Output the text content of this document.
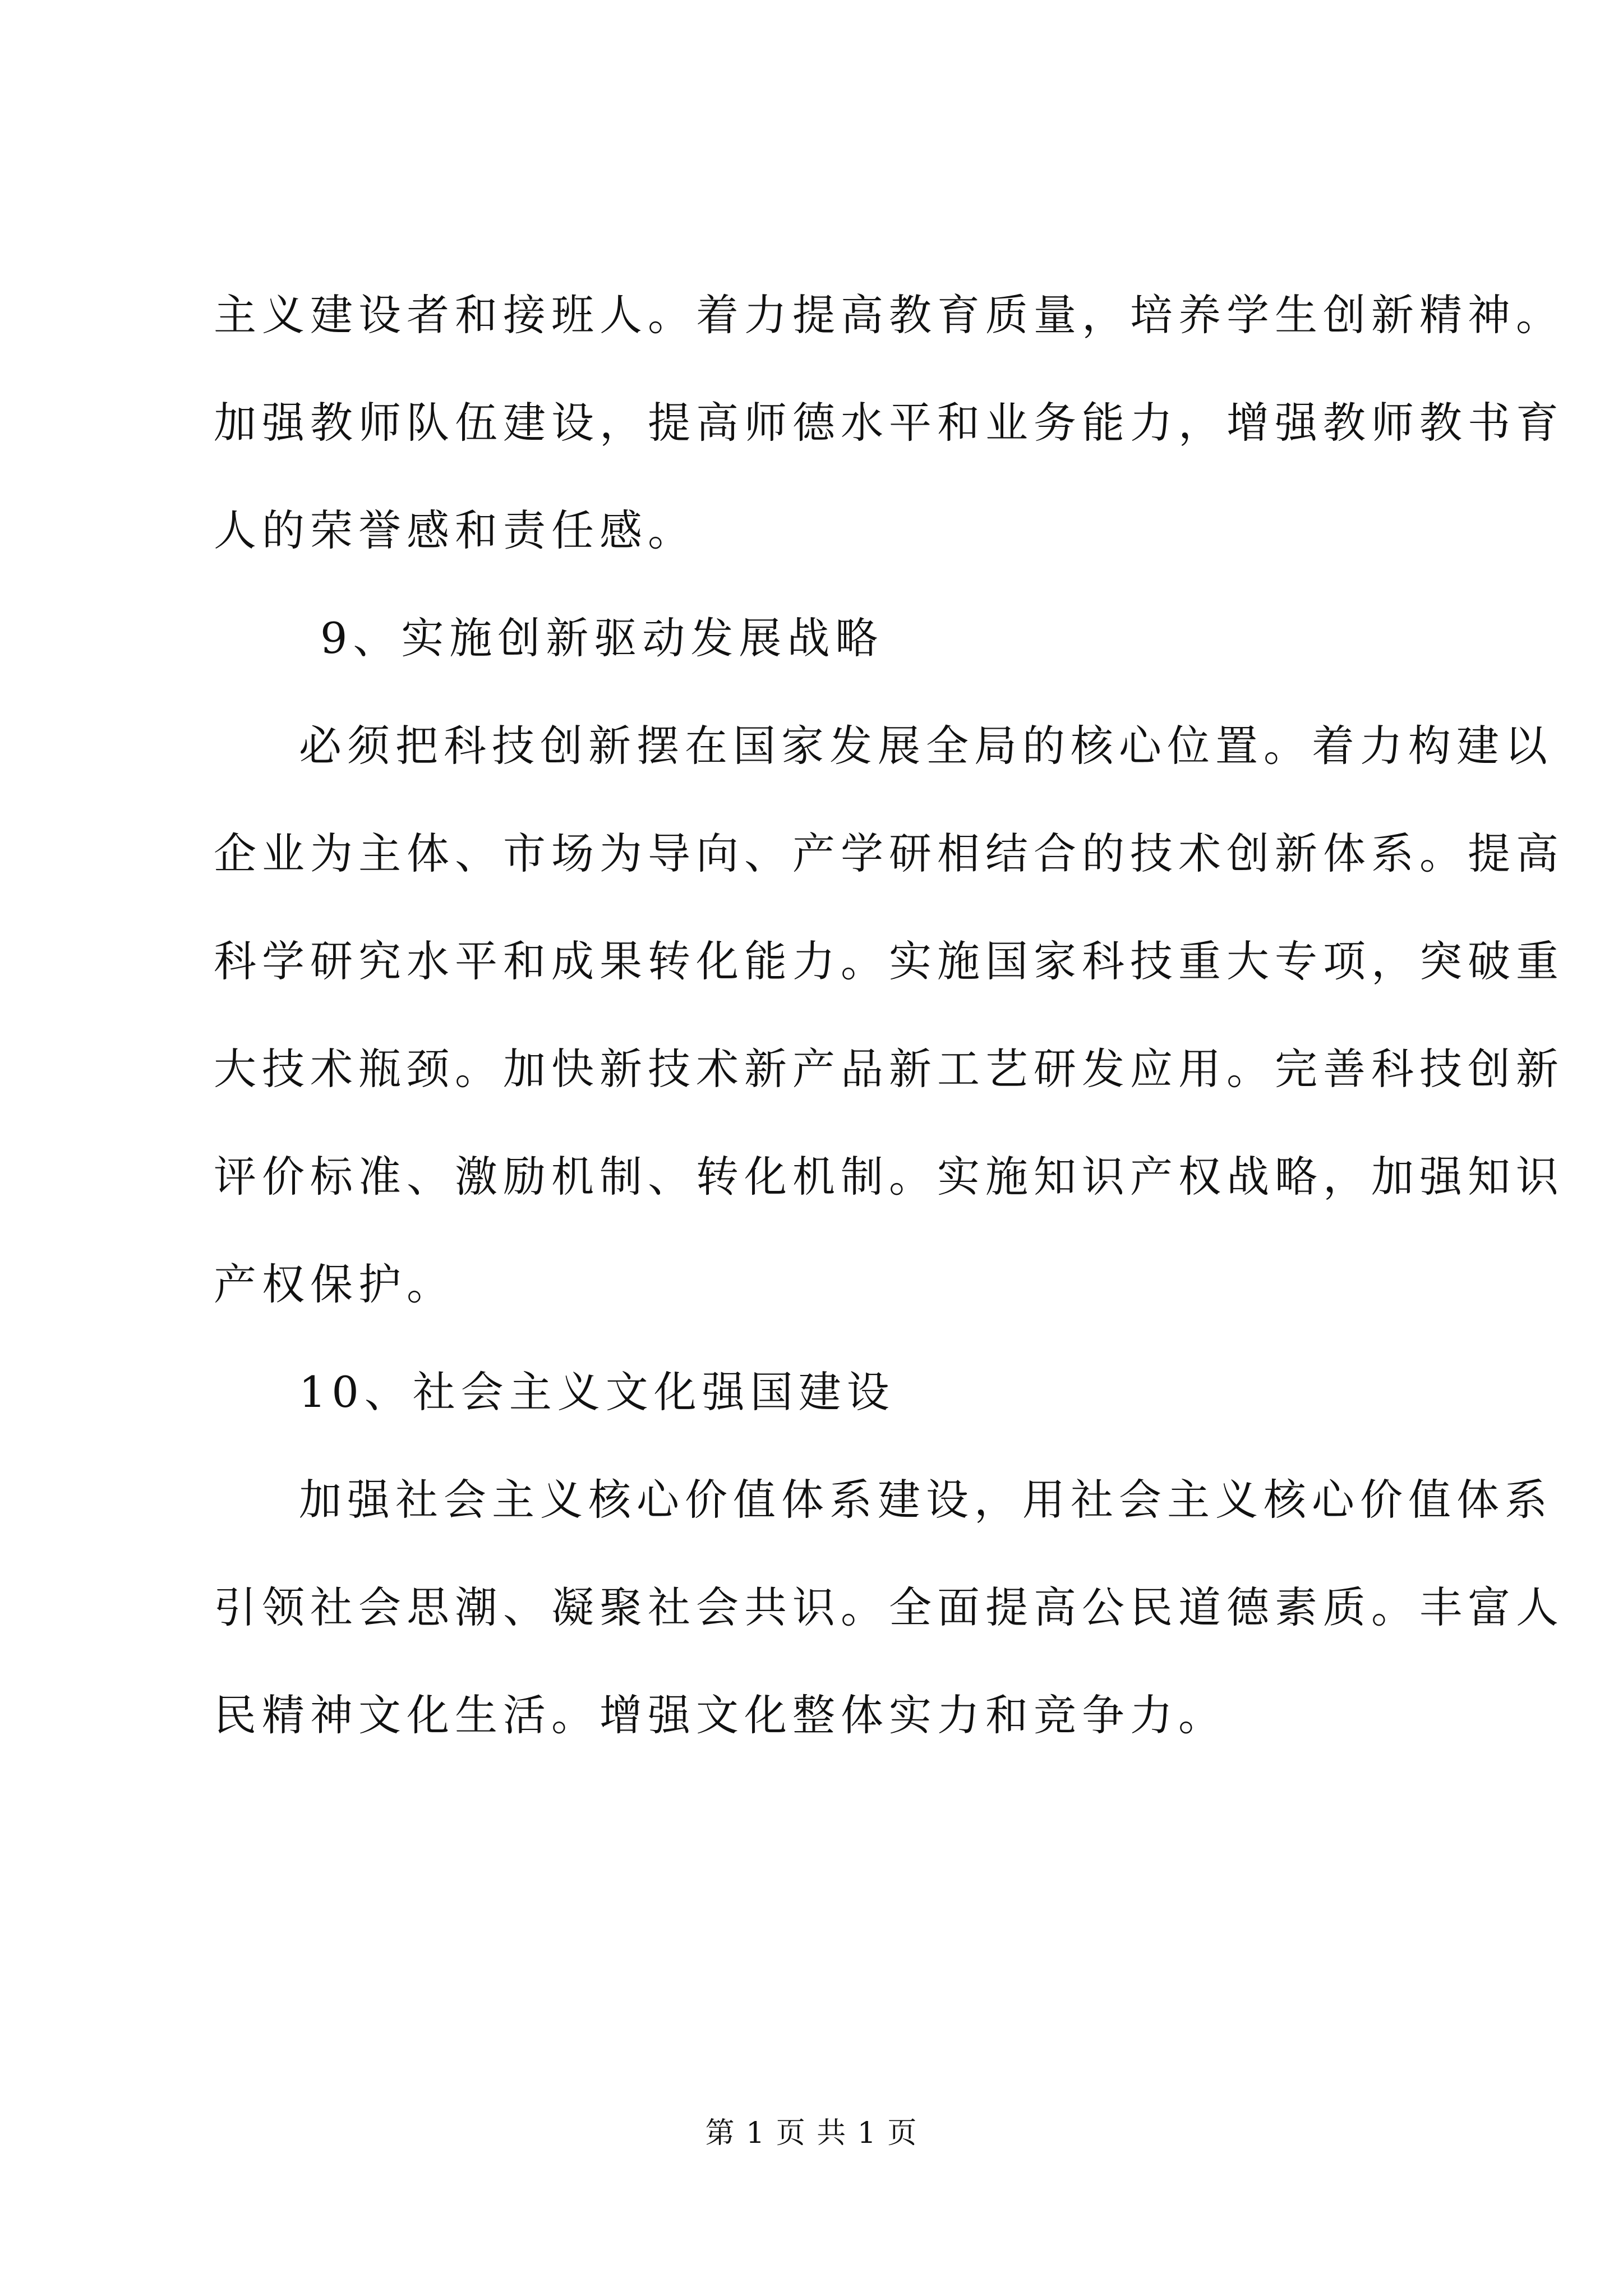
主义建设者和接班人。着力提高教育质量，培养学生创新精神。
加强教师队伍建设，提高师德水平和业务能力，增强教师教书育
人的荣誉感和责任感。
9、实施创新驱动发展战略
必须把科技创新摆在国家发展全局的核心位置。着力构建以
企业为主体、市场为导向、产学研相结合的技术创新体系。提高
科学研究水平和成果转化能力。实施国家科技重大专项，突破重
大技术瓶颈。加快新技术新产品新工艺研发应用。完善科技创新
评价标准、激励机制、转化机制。实施知识产权战略，加强知识
产权保护。
10、社会主义文化强国建设
加强社会主义核心价值体系建设，用社会主义核心价值体系
引领社会思潮、凝聚社会共识。全面提高公民道德素质。丰富人
民精神文化生活。增强文化整体实力和竞争力。
第 1 页 共 1 页
